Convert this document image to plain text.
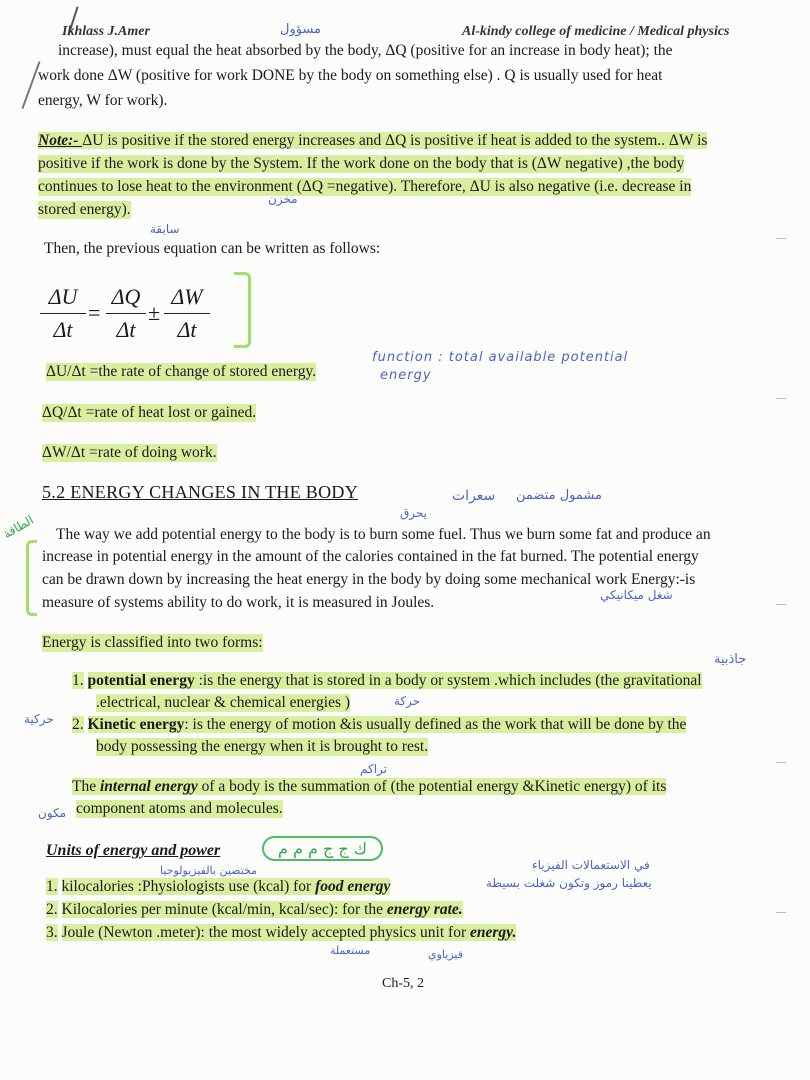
Ikhlass J.Amer	مسؤول	Al-kindy college of medicine / Medical physics
increase), must equal the heat absorbed by the body, ΔQ (positive for an increase in body heat); the
work done ΔW (positive for work DONE by the body on something else) . Q is usually used for heat
energy, W for work).
Note:- ΔU is positive if the stored energy increases and ΔQ is positive if heat is added to the system.. ΔW is
positive if the work is done by the System. If the work done on the body that is (ΔW negative) ,the body
continues to lose heat to the environment (ΔQ =negative). Therefore, ΔU is also negative (i.e. decrease in
stored energy).
مخزن
سابقة
Then, the previous equation can be written as follows:
ΔU
Δt
=
ΔQ
Δt
±
ΔW
Δt
ΔU/Δt =the rate of change of stored energy.
function : total available potential
energy
ΔQ/Δt =rate of heat lost or gained.
ΔW/Δt =rate of doing work.
5.2 ENERGY CHANGES IN THE BODY	سعرات مشمول متضمن
يحرق
الطاقة The way we add potential energy to the body is to burn some fuel. Thus we burn some fat and produce an
increase in potential energy in the amount of the calories contained in the fat burned. The potential energy
can be drawn down by increasing the heat energy in the body by doing some mechanical work Energy:-is
measure of systems ability to do work, it is measured in Joules.	شغل ميكانيكي
Energy is classified into two forms:
جاذبية
1. potential energy :is the energy that is stored in a body or system .which includes (the gravitational
.electrical, nuclear & chemical energies )	حركة
حركية 2. Kinetic energy: is the energy of motion &is usually defined as the work that will be done by the
body possessing the energy when it is brought to rest.
تراكم
The internal energy of a body is the summation of (the potential energy &Kinetic energy) of its
component atoms and molecules.
مكون
Units of energy and power	ك ج ج م م م
مختصين بالفيزيولوجيا	في الاستعمالات الفيزياء
يعطينا رموز وتكون شغلت بسيطة
1. kilocalories :Physiologists use (kcal) for food energy
2. Kilocalories per minute (kcal/min, kcal/sec): for the energy rate.
3. Joule (Newton .meter): the most widely accepted physics unit for energy.
مستعملة	فيزياوي
Ch-5, 2
